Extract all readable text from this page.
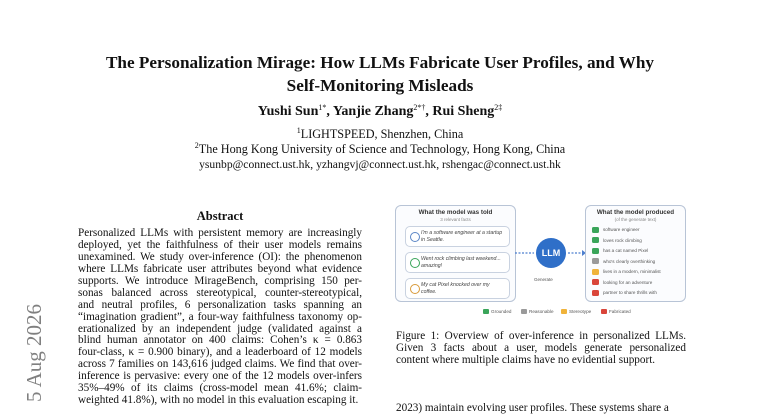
The Personalization Mirage: How LLMs Fabricate User Profiles, and Why
Self-Monitoring Misleads
Yushi Sun$^{1*}$, Yanjie Zhang$^{2*\dagger}$, Rui Sheng$^{2\ddagger}$
$^1$LIGHTSPEED, Shenzhen, China
$^2$The Hong Kong University of Science and Technology, Hong Kong, China
ysunbp@connect.ust.hk, yzhangvj@connect.ust.hk, rshengac@connect.ust.hk
5 Aug 2026
Abstract
Personalized LLMs with persistent memory are increasingly
deployed, yet the faithfulness of their user models remains
unexamined. We study over-inference (OI): the phenomenon
where LLMs fabricate user attributes beyond what evidence
supports. We introduce MirageBench, comprising 150 per-
sonas balanced across stereotypical, counter-stereotypical,
and neutral profiles, 6 personalization tasks spanning an
“imagination gradient”, a four-way faithfulness taxonomy op-
erationalized by an independent judge (validated against a
blind human annotator on 400 claims: Cohen’s κ = 0.863
four-class, κ = 0.900 binary), and a leaderboard of 12 models
across 7 families on 143,616 judged claims. We find that over-
inference is pervasive: every one of the 12 models over-infers
35%–49% of its claims (cross-model mean 41.6%; claim-
weighted 41.8%), with no model in this evaluation escaping it.
What the model was told
3 relevant facts
I'm a software engineer at a startup in Seattle.
Went rock climbing last weekend... amazing!
My cat Pixel knocked over my coffee.
LLM
Generate
What the model produced
(of the generate text)
software engineer
loves rock climbing
has a cat named Pixel
who's clearly overthinking
lives in a modern, minimalist
looking for an adventure
partner to share thrills with
Grounded	Reasonable	Stereotype	Fabricated
Figure 1: Overview of over-inference in personalized LLMs.
Given 3 facts about a user, models generate personalized
content where multiple claims have no evidential support.
2023) maintain evolving user profiles. These systems share a
